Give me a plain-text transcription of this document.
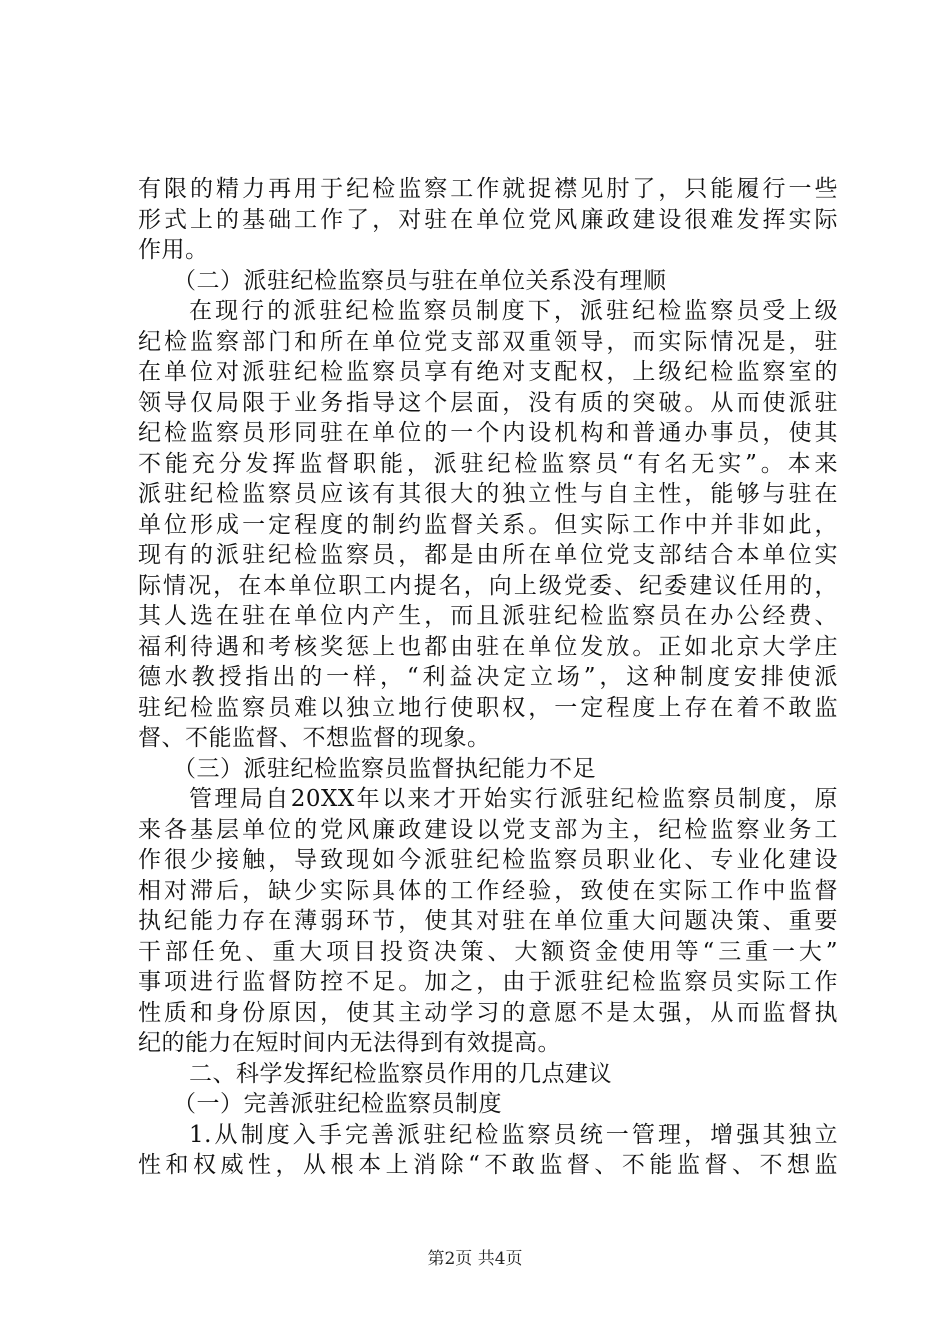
有限的精力再用于纪检监察工作就捉襟见肘了，只能履行一些
形式上的基础工作了，对驻在单位党风廉政建设很难发挥实际
作用。
（二）派驻纪检监察员与驻在单位关系没有理顺
在现行的派驻纪检监察员制度下，派驻纪检监察员受上级
纪检监察部门和所在单位党支部双重领导，而实际情况是，驻
在单位对派驻纪检监察员享有绝对支配权，上级纪检监察室的
领导仅局限于业务指导这个层面，没有质的突破。从而使派驻
纪检监察员形同驻在单位的一个内设机构和普通办事员，使其
不能充分发挥监督职能，派驻纪检监察员“有名无实”。本来
派驻纪检监察员应该有其很大的独立性与自主性，能够与驻在
单位形成一定程度的制约监督关系。但实际工作中并非如此，
现有的派驻纪检监察员，都是由所在单位党支部结合本单位实
际情况，在本单位职工内提名，向上级党委、纪委建议任用的，
其人选在驻在单位内产生，而且派驻纪检监察员在办公经费、
福利待遇和考核奖惩上也都由驻在单位发放。正如北京大学庄
德水教授指出的一样，“利益决定立场”，这种制度安排使派
驻纪检监察员难以独立地行使职权，一定程度上存在着不敢监
督、不能监督、不想监督的现象。
（三）派驻纪检监察员监督执纪能力不足
管理局自20XX年以来才开始实行派驻纪检监察员制度，原
来各基层单位的党风廉政建设以党支部为主，纪检监察业务工
作很少接触，导致现如今派驻纪检监察员职业化、专业化建设
相对滞后，缺少实际具体的工作经验，致使在实际工作中监督
执纪能力存在薄弱环节，使其对驻在单位重大问题决策、重要
干部任免、重大项目投资决策、大额资金使用等“三重一大”
事项进行监督防控不足。加之，由于派驻纪检监察员实际工作
性质和身份原因，使其主动学习的意愿不是太强，从而监督执
纪的能力在短时间内无法得到有效提高。
二、科学发挥纪检监察员作用的几点建议
（一）完善派驻纪检监察员制度
1.从制度入手完善派驻纪检监察员统一管理，增强其独立
性和权威性，从根本上消除“不敢监督、不能监督、不想监
第2页 共4页
